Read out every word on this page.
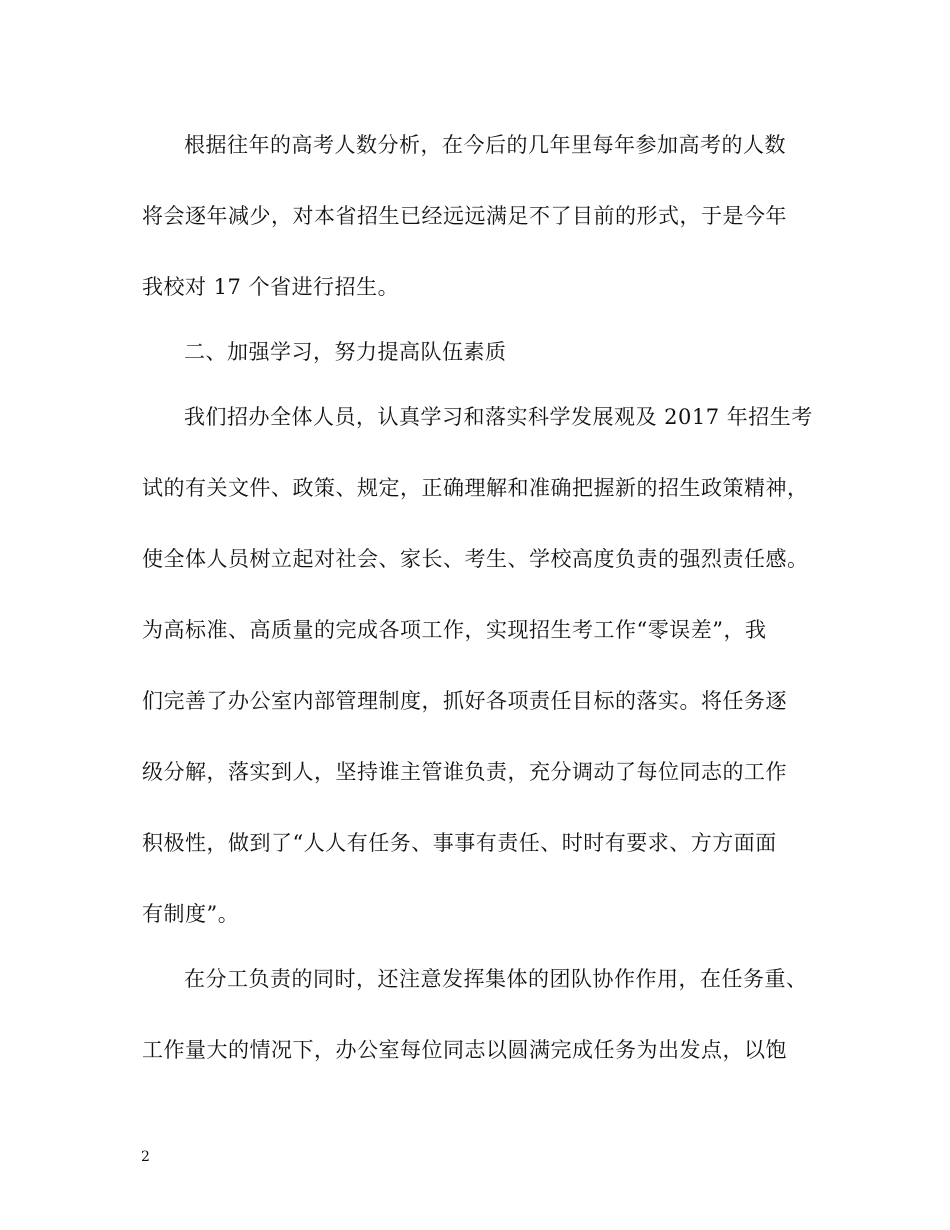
根据往年的高考人数分析，在今后的几年里每年参加高考的人数
将会逐年减少，对本省招生已经远远满足不了目前的形式，于是今年
我校对 17 个省进行招生。
二、加强学习，努力提高队伍素质
我们招办全体人员，认真学习和落实科学发展观及 2017 年招生考
试的有关文件、政策、规定，正确理解和准确把握新的招生政策精神，
使全体人员树立起对社会、家长、考生、学校高度负责的强烈责任感。
为高标准、高质量的完成各项工作，实现招生考工作“零误差”，我
们完善了办公室内部管理制度，抓好各项责任目标的落实。将任务逐
级分解，落实到人，坚持谁主管谁负责，充分调动了每位同志的工作
积极性，做到了“人人有任务、事事有责任、时时有要求、方方面面
有制度”。
在分工负责的同时，还注意发挥集体的团队协作作用，在任务重、
工作量大的情况下，办公室每位同志以圆满完成任务为出发点，以饱
2
